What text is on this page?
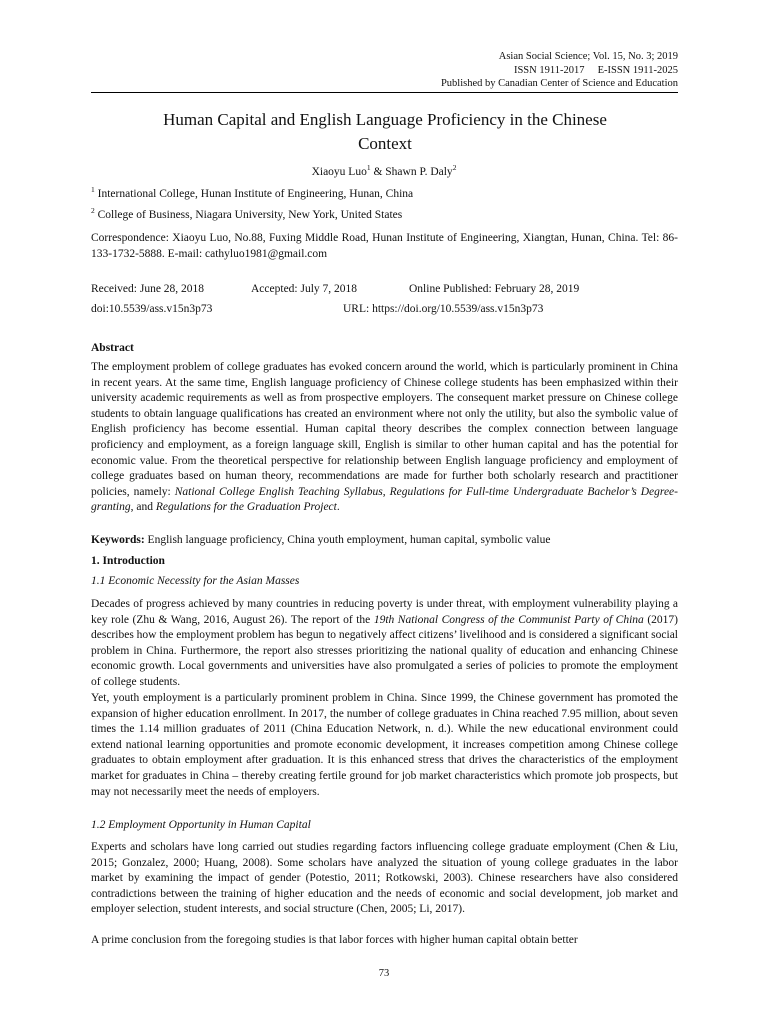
Asian Social Science; Vol. 15, No. 3; 2019
ISSN 1911-2017     E-ISSN 1911-2025
Published by Canadian Center of Science and Education
Human Capital and English Language Proficiency in the Chinese
Context
Xiaoyu Luo$^1$ & Shawn P. Daly$^2$
$^1$ International College, Hunan Institute of Engineering, Hunan, China
$^2$ College of Business, Niagara University, New York, United States

Correspondence: Xiaoyu Luo, No.88, Fuxing Middle Road, Hunan Institute of Engineering, Xiangtan, Hunan, China. Tel: 86-133-1732-5888. E-mail: cathyluo1981@gmail.com

Received: June 28, 2018	Accepted: July 7, 2018	Online Published: February 28, 2019
doi:10.5539/ass.v15n3p73	URL: https://doi.org/10.5539/ass.v15n3p73
Abstract

The employment problem of college graduates has evoked concern around the world, which is particularly prominent in China in recent years. At the same time, English language proficiency of Chinese college students has been emphasized within their university academic requirements as well as from prospective employers. The consequent market pressure on Chinese college students to obtain language qualifications has created an environment where not only the utility, but also the symbolic value of English proficiency has become essential. Human capital theory describes the complex connection between language proficiency and employment, as a foreign language skill, English is similar to other human capital and has the potential for economic value. From the theoretical perspective for relationship between English language proficiency and employment of college graduates based on human theory, recommendations are made for further both scholarly research and practitioner policies, namely: National College English Teaching Syllabus, Regulations for Full-time Undergraduate Bachelor’s Degree-granting, and Regulations for the Graduation Project.

Keywords: English language proficiency, China youth employment, human capital, symbolic value
1. Introduction
1.1 Economic Necessity for the Asian Masses

Decades of progress achieved by many countries in reducing poverty is under threat, with employment vulnerability playing a key role (Zhu & Wang, 2016, August 26). The report of the 19th National Congress of the Communist Party of China (2017) describes how the employment problem has begun to negatively affect citizens’ livelihood and is considered a significant social problem in China. Furthermore, the report also stresses prioritizing the national quality of education and enhancing Chinese economic growth. Local governments and universities have also promulgated a series of policies to promote the employment of college students.

Yet, youth employment is a particularly prominent problem in China. Since 1999, the Chinese government has promoted the expansion of higher education enrollment. In 2017, the number of college graduates in China reached 7.95 million, about seven times the 1.14 million graduates of 2011 (China Education Network, n. d.). While the new educational environment could extend national learning opportunities and promote economic development, it increases competition among Chinese college graduates to obtain employment after graduation. It is this enhanced stress that drives the characteristics of the employment market for graduates in China – thereby creating fertile ground for job market characteristics which promote job prospects, but may not necessarily meet the needs of employers.

1.2 Employment Opportunity in Human Capital

Experts and scholars have long carried out studies regarding factors influencing college graduate employment (Chen & Liu, 2015; Gonzalez, 2000; Huang, 2008). Some scholars have analyzed the situation of young college graduates in the labor market by examining the impact of gender (Potestio, 2011; Rotkowski, 2003). Chinese researchers have also considered contradictions between the training of higher education and the needs of economic and social development, job market and employer selection, student interests, and social structure (Chen, 2005; Li, 2017).

A prime conclusion from the foregoing studies is that labor forces with higher human capital obtain better

73
